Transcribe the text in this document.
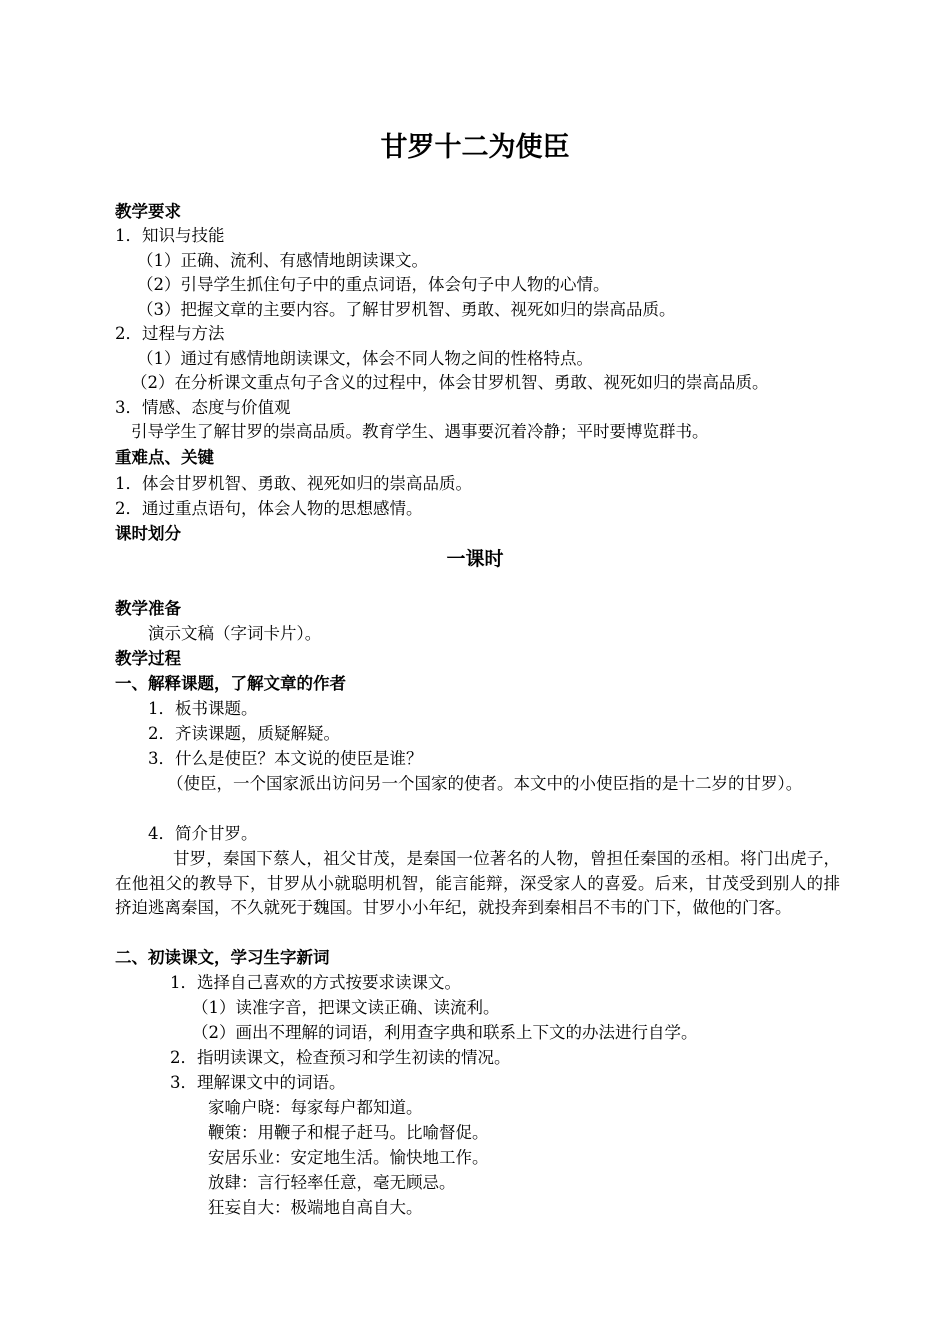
甘罗十二为使臣
教学要求
1．知识与技能
（1）正确、流利、有感情地朗读课文。
（2）引导学生抓住句子中的重点词语，体会句子中人物的心情。
（3）把握文章的主要内容。了解甘罗机智、勇敢、视死如归的崇高品质。
2．过程与方法
（1）通过有感情地朗读课文，体会不同人物之间的性格特点。
（2）在分析课文重点句子含义的过程中，体会甘罗机智、勇敢、视死如归的崇高品质。
3．情感、态度与价值观
引导学生了解甘罗的崇高品质。教育学生、遇事要沉着冷静；平时要博览群书。
重难点、关键
1．体会甘罗机智、勇敢、视死如归的崇高品质。
2．通过重点语句，体会人物的思想感情。
课时划分
一课时
教学准备
演示文稿（字词卡片）。
教学过程
一、解释课题，了解文章的作者
1．板书课题。
2．齐读课题，质疑解疑。
3．什么是使臣？本文说的使臣是谁？
（使臣，一个国家派出访问另一个国家的使者。本文中的小使臣指的是十二岁的甘罗）。
4．简介甘罗。
甘罗，秦国下蔡人，祖父甘茂，是秦国一位著名的人物，曾担任秦国的丞相。将门出虎子，在他祖父的教导下，甘罗从小就聪明机智，能言能辩，深受家人的喜爱。后来，甘茂受到别人的排挤迫逃离秦国，不久就死于魏国。甘罗小小年纪，就投奔到秦相吕不韦的门下，做他的门客。
二、初读课文，学习生字新词
1．选择自己喜欢的方式按要求读课文。
（1）读准字音，把课文读正确、读流利。
（2）画出不理解的词语，利用查字典和联系上下文的办法进行自学。
2．指明读课文，检查预习和学生初读的情况。
3．理解课文中的词语。
家喻户晓：每家每户都知道。
鞭策：用鞭子和棍子赶马。比喻督促。
安居乐业：安定地生活。愉快地工作。
放肆：言行轻率任意，毫无顾忌。
狂妄自大：极端地自高自大。
